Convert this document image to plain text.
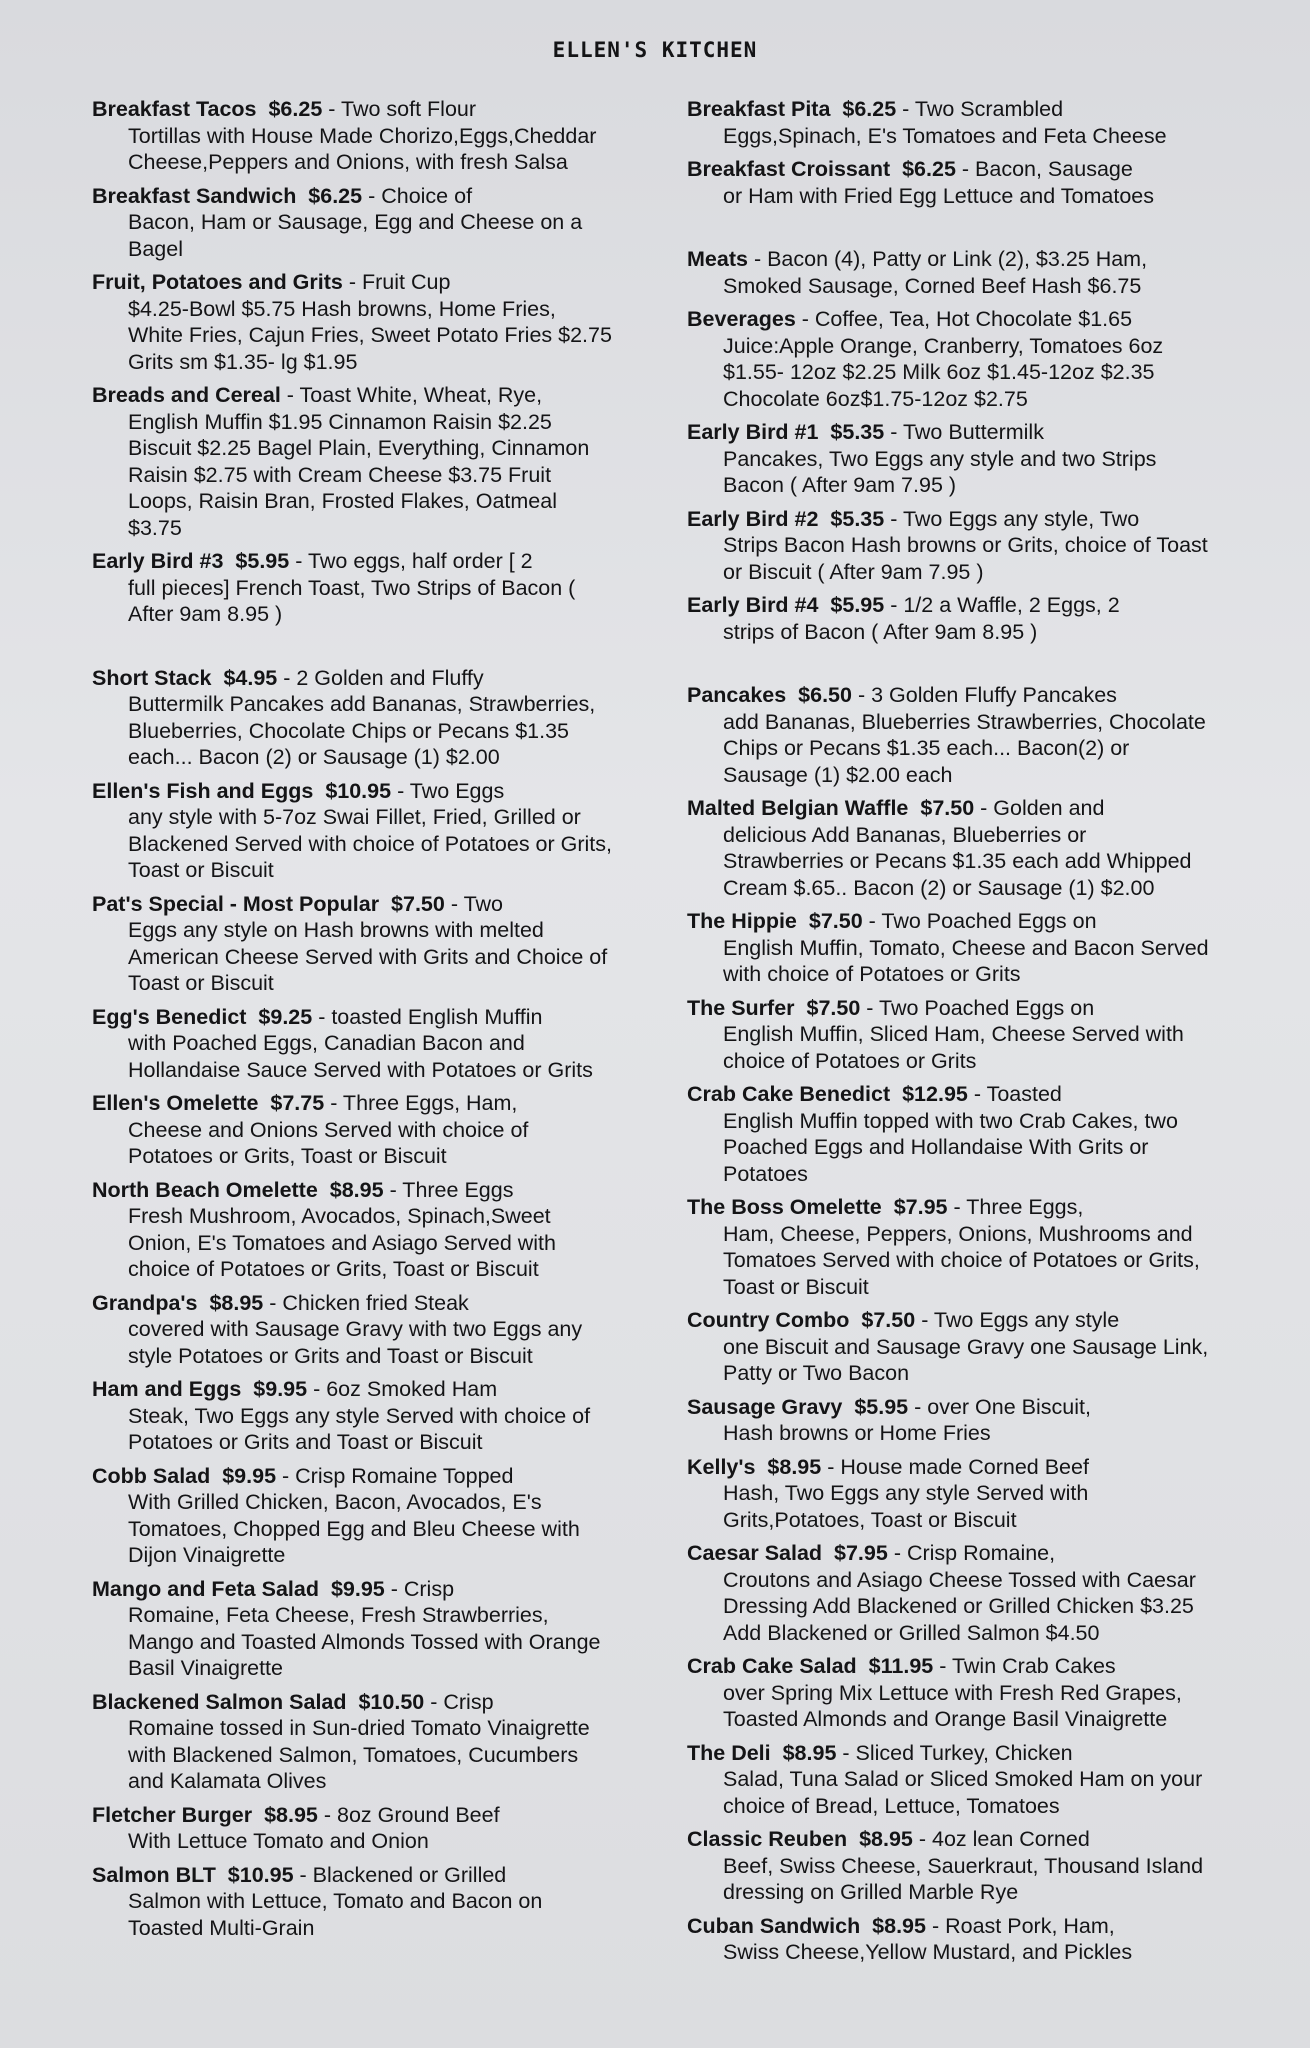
ELLEN'S KITCHEN
Breakfast Tacos $6.25 - Two soft Flour
Tortillas with House Made Chorizo,Eggs,Cheddar Cheese,Peppers and Onions, with fresh Salsa
Breakfast Sandwich $6.25 - Choice of
Bacon, Ham or Sausage, Egg and Cheese on a Bagel
Fruit, Potatoes and Grits - Fruit Cup
$4.25-Bowl $5.75 Hash browns, Home Fries, White Fries, Cajun Fries, Sweet Potato Fries $2.75 Grits sm $1.35- lg $1.95
Breads and Cereal - Toast White, Wheat, Rye,
English Muffin $1.95 Cinnamon Raisin $2.25 Biscuit $2.25 Bagel Plain, Everything, Cinnamon Raisin $2.75 with Cream Cheese $3.75 Fruit Loops, Raisin Bran, Frosted Flakes, Oatmeal $3.75
Early Bird #3 $5.95 - Two eggs, half order [ 2
full pieces] French Toast, Two Strips of Bacon ( After 9am 8.95 )
Short Stack $4.95 - 2 Golden and Fluffy
Buttermilk Pancakes add Bananas, Strawberries, Blueberries, Chocolate Chips or Pecans $1.35 each... Bacon (2) or Sausage (1) $2.00
Ellen's Fish and Eggs $10.95 - Two Eggs
any style with 5-7oz Swai Fillet, Fried, Grilled or Blackened Served with choice of Potatoes or Grits, Toast or Biscuit
Pat's Special - Most Popular $7.50 - Two
Eggs any style on Hash browns with melted American Cheese Served with Grits and Choice of Toast or Biscuit
Egg's Benedict $9.25 - toasted English Muffin
with Poached Eggs, Canadian Bacon and Hollandaise Sauce Served with Potatoes or Grits
Ellen's Omelette $7.75 - Three Eggs, Ham,
Cheese and Onions Served with choice of Potatoes or Grits, Toast or Biscuit
North Beach Omelette $8.95 - Three Eggs
Fresh Mushroom, Avocados, Spinach,Sweet Onion, E's Tomatoes and Asiago Served with choice of Potatoes or Grits, Toast or Biscuit
Grandpa's $8.95 - Chicken fried Steak
covered with Sausage Gravy with two Eggs any style Potatoes or Grits and Toast or Biscuit
Ham and Eggs $9.95 - 6oz Smoked Ham
Steak, Two Eggs any style Served with choice of Potatoes or Grits and Toast or Biscuit
Cobb Salad $9.95 - Crisp Romaine Topped
With Grilled Chicken, Bacon, Avocados, E's Tomatoes, Chopped Egg and Bleu Cheese with Dijon Vinaigrette
Mango and Feta Salad $9.95 - Crisp
Romaine, Feta Cheese, Fresh Strawberries, Mango and Toasted Almonds Tossed with Orange Basil Vinaigrette
Blackened Salmon Salad $10.50 - Crisp
Romaine tossed in Sun-dried Tomato Vinaigrette with Blackened Salmon, Tomatoes, Cucumbers and Kalamata Olives
Fletcher Burger $8.95 - 8oz Ground Beef
With Lettuce Tomato and Onion
Salmon BLT $10.95 - Blackened or Grilled
Salmon with Lettuce, Tomato and Bacon on Toasted Multi-Grain
Breakfast Pita $6.25 - Two Scrambled
Eggs,Spinach, E's Tomatoes and Feta Cheese
Breakfast Croissant $6.25 - Bacon, Sausage
or Ham with Fried Egg Lettuce and Tomatoes
Meats - Bacon (4), Patty or Link (2), $3.25 Ham,
Smoked Sausage, Corned Beef Hash $6.75
Beverages - Coffee, Tea, Hot Chocolate $1.65
Juice:Apple Orange, Cranberry, Tomatoes 6oz $1.55- 12oz $2.25 Milk 6oz $1.45-12oz $2.35 Chocolate 6oz$1.75-12oz $2.75
Early Bird #1 $5.35 - Two Buttermilk
Pancakes, Two Eggs any style and two Strips Bacon ( After 9am 7.95 )
Early Bird #2 $5.35 - Two Eggs any style, Two
Strips Bacon Hash browns or Grits, choice of Toast or Biscuit ( After 9am 7.95 )
Early Bird #4 $5.95 - 1/2 a Waffle, 2 Eggs, 2
strips of Bacon ( After 9am 8.95 )
Pancakes $6.50 - 3 Golden Fluffy Pancakes
add Bananas, Blueberries Strawberries, Chocolate Chips or Pecans $1.35 each... Bacon(2) or Sausage (1) $2.00 each
Malted Belgian Waffle $7.50 - Golden and
delicious Add Bananas, Blueberries or Strawberries or Pecans $1.35 each add Whipped Cream $.65.. Bacon (2) or Sausage (1) $2.00
The Hippie $7.50 - Two Poached Eggs on
English Muffin, Tomato, Cheese and Bacon Served with choice of Potatoes or Grits
The Surfer $7.50 - Two Poached Eggs on
English Muffin, Sliced Ham, Cheese Served with choice of Potatoes or Grits
Crab Cake Benedict $12.95 - Toasted
English Muffin topped with two Crab Cakes, two Poached Eggs and Hollandaise With Grits or Potatoes
The Boss Omelette $7.95 - Three Eggs,
Ham, Cheese, Peppers, Onions, Mushrooms and Tomatoes Served with choice of Potatoes or Grits, Toast or Biscuit
Country Combo $7.50 - Two Eggs any style
one Biscuit and Sausage Gravy one Sausage Link, Patty or Two Bacon
Sausage Gravy $5.95 - over One Biscuit,
Hash browns or Home Fries
Kelly's $8.95 - House made Corned Beef
Hash, Two Eggs any style Served with Grits,Potatoes, Toast or Biscuit
Caesar Salad $7.95 - Crisp Romaine,
Croutons and Asiago Cheese Tossed with Caesar Dressing Add Blackened or Grilled Chicken $3.25 Add Blackened or Grilled Salmon $4.50
Crab Cake Salad $11.95 - Twin Crab Cakes
over Spring Mix Lettuce with Fresh Red Grapes, Toasted Almonds and Orange Basil Vinaigrette
The Deli $8.95 - Sliced Turkey, Chicken
Salad, Tuna Salad or Sliced Smoked Ham on your choice of Bread, Lettuce, Tomatoes
Classic Reuben $8.95 - 4oz lean Corned
Beef, Swiss Cheese, Sauerkraut, Thousand Island dressing on Grilled Marble Rye
Cuban Sandwich $8.95 - Roast Pork, Ham,
Swiss Cheese,Yellow Mustard, and Pickles
